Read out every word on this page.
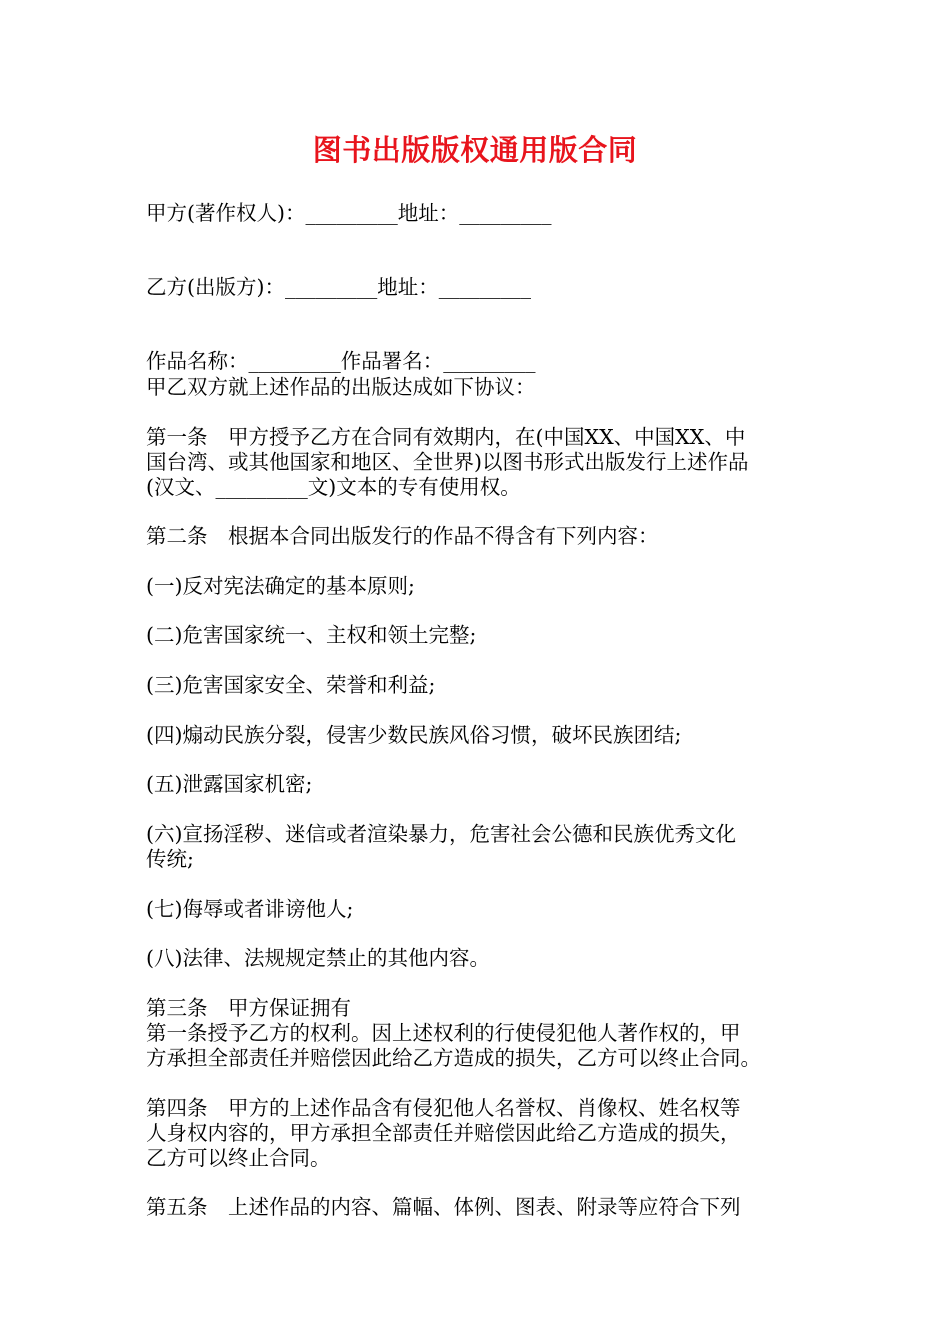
图书出版版权通用版合同
甲方(著作权人)：_________地址：_________
乙方(出版方)：_________地址：_________
作品名称：_________作品署名：_________
甲乙双方就上述作品的出版达成如下协议：
第一条　甲方授予乙方在合同有效期内，在(中国XX、中国XX、中
国台湾、或其他国家和地区、全世界)以图书形式出版发行上述作品
(汉文、_________文)文本的专有使用权。
第二条　根据本合同出版发行的作品不得含有下列内容：
(一)反对宪法确定的基本原则;
(二)危害国家统一、主权和领土完整;
(三)危害国家安全、荣誉和利益;
(四)煽动民族分裂，侵害少数民族风俗习惯，破坏民族团结;
(五)泄露国家机密;
(六)宣扬淫秽、迷信或者渲染暴力，危害社会公德和民族优秀文化
传统;
(七)侮辱或者诽谤他人;
(八)法律、法规规定禁止的其他内容。
第三条　甲方保证拥有
第一条授予乙方的权利。因上述权利的行使侵犯他人著作权的，甲
方承担全部责任并赔偿因此给乙方造成的损失，乙方可以终止合同。
第四条　甲方的上述作品含有侵犯他人名誉权、肖像权、姓名权等
人身权内容的，甲方承担全部责任并赔偿因此给乙方造成的损失，
乙方可以终止合同。
第五条　上述作品的内容、篇幅、体例、图表、附录等应符合下列
